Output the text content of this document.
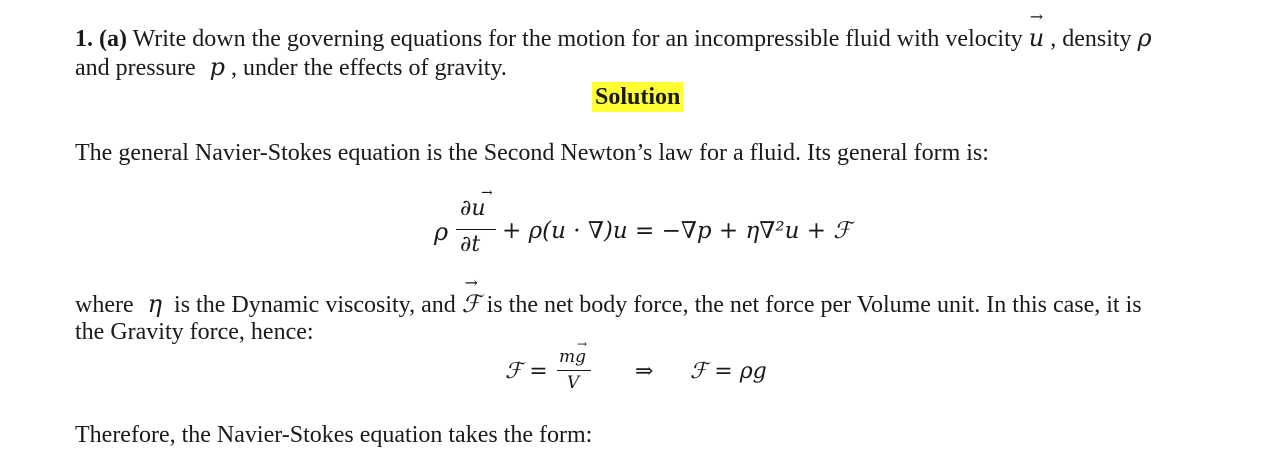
1. (a) Write down the governing equations for the motion for an incompressible fluid with velocity
→
u , density ρ
and pressure p , under the effects of gravity.
Solution
The general Navier-Stokes equation is the Second Newton’s law for a fluid. Its general form is:
ρ
∂u
→
∂t
+ ρ(u · ∇)u = −∇p + η∇²u + ℱ
where η is the Dynamic viscosity, and
→
ℱ is the net body force, the net force per Volume unit. In this case, it is
the Gravity force, hence:
ℱ =
mg
→
V	⇒ ℱ = ρg
Therefore, the Navier-Stokes equation takes the form:
